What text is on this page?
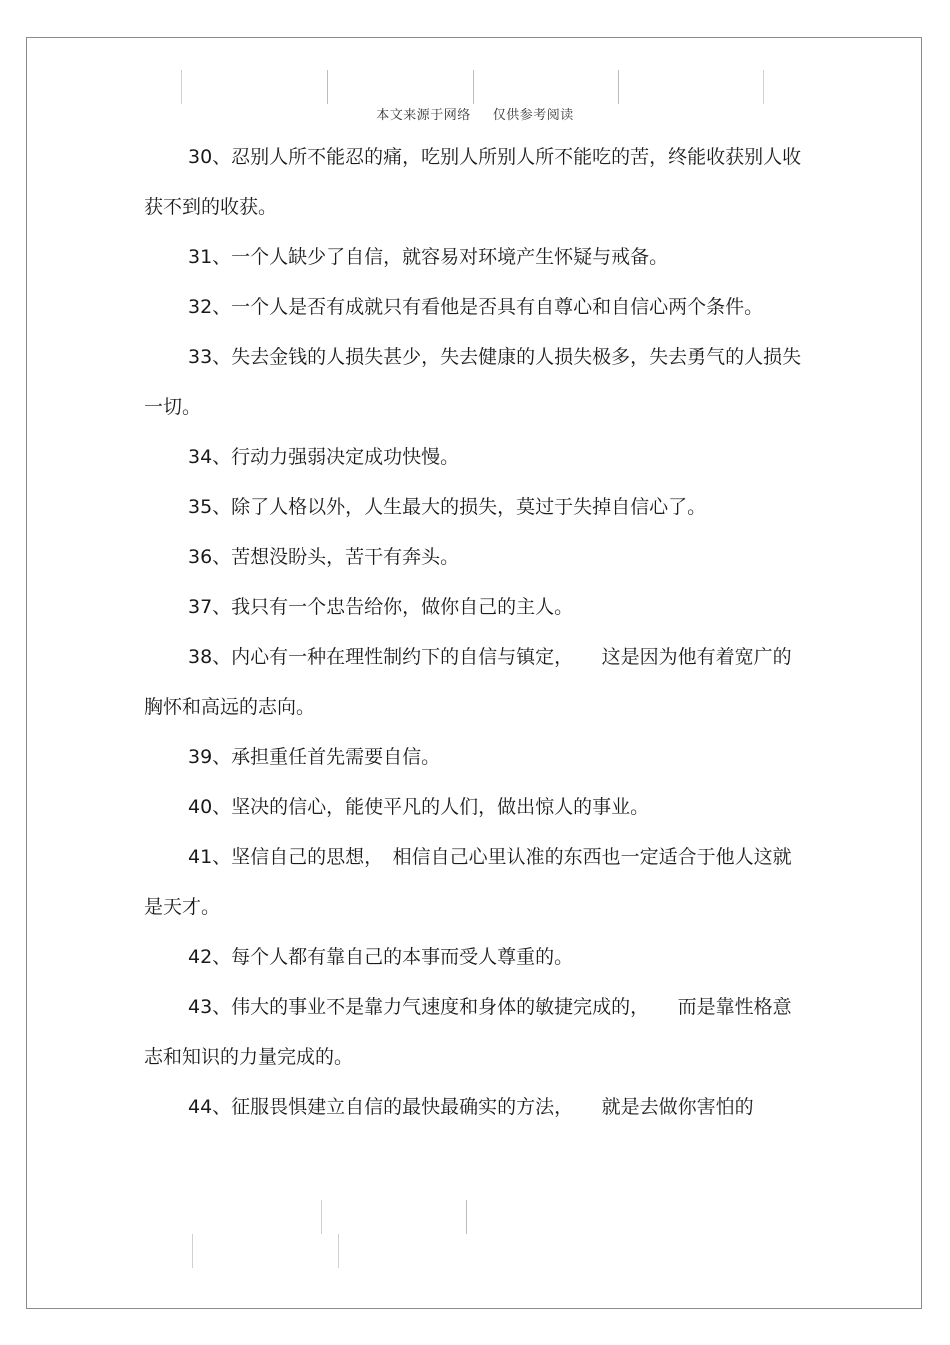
本文来源于网络 仅供参考阅读

30、忍别人所不能忍的痛，吃别人所别人所不能吃的苦，终能收获别人收获不到的收获。

31、一个人缺少了自信，就容易对环境产生怀疑与戒备。

32、一个人是否有成就只有看他是否具有自尊心和自信心两个条件。

33、失去金钱的人损失甚少，失去健康的人损失极多，失去勇气的人损失一切。

34、行动力强弱决定成功快慢。

35、除了人格以外，人生最大的损失，莫过于失掉自信心了。

36、苦想没盼头，苦干有奔头。

37、我只有一个忠告给你，做你自己的主人。

38、内心有一种在理性制约下的自信与镇定，　　这是因为他有着宽广的胸怀和高远的志向。

39、承担重任首先需要自信。

40、坚决的信心，能使平凡的人们，做出惊人的事业。

41、坚信自己的思想，　相信自己心里认准的东西也一定适合于他人这就是天才。

42、每个人都有靠自己的本事而受人尊重的。

43、伟大的事业不是靠力气速度和身体的敏捷完成的，　　而是靠性格意志和知识的力量完成的。

44、征服畏惧建立自信的最快最确实的方法，　　就是去做你害怕的
